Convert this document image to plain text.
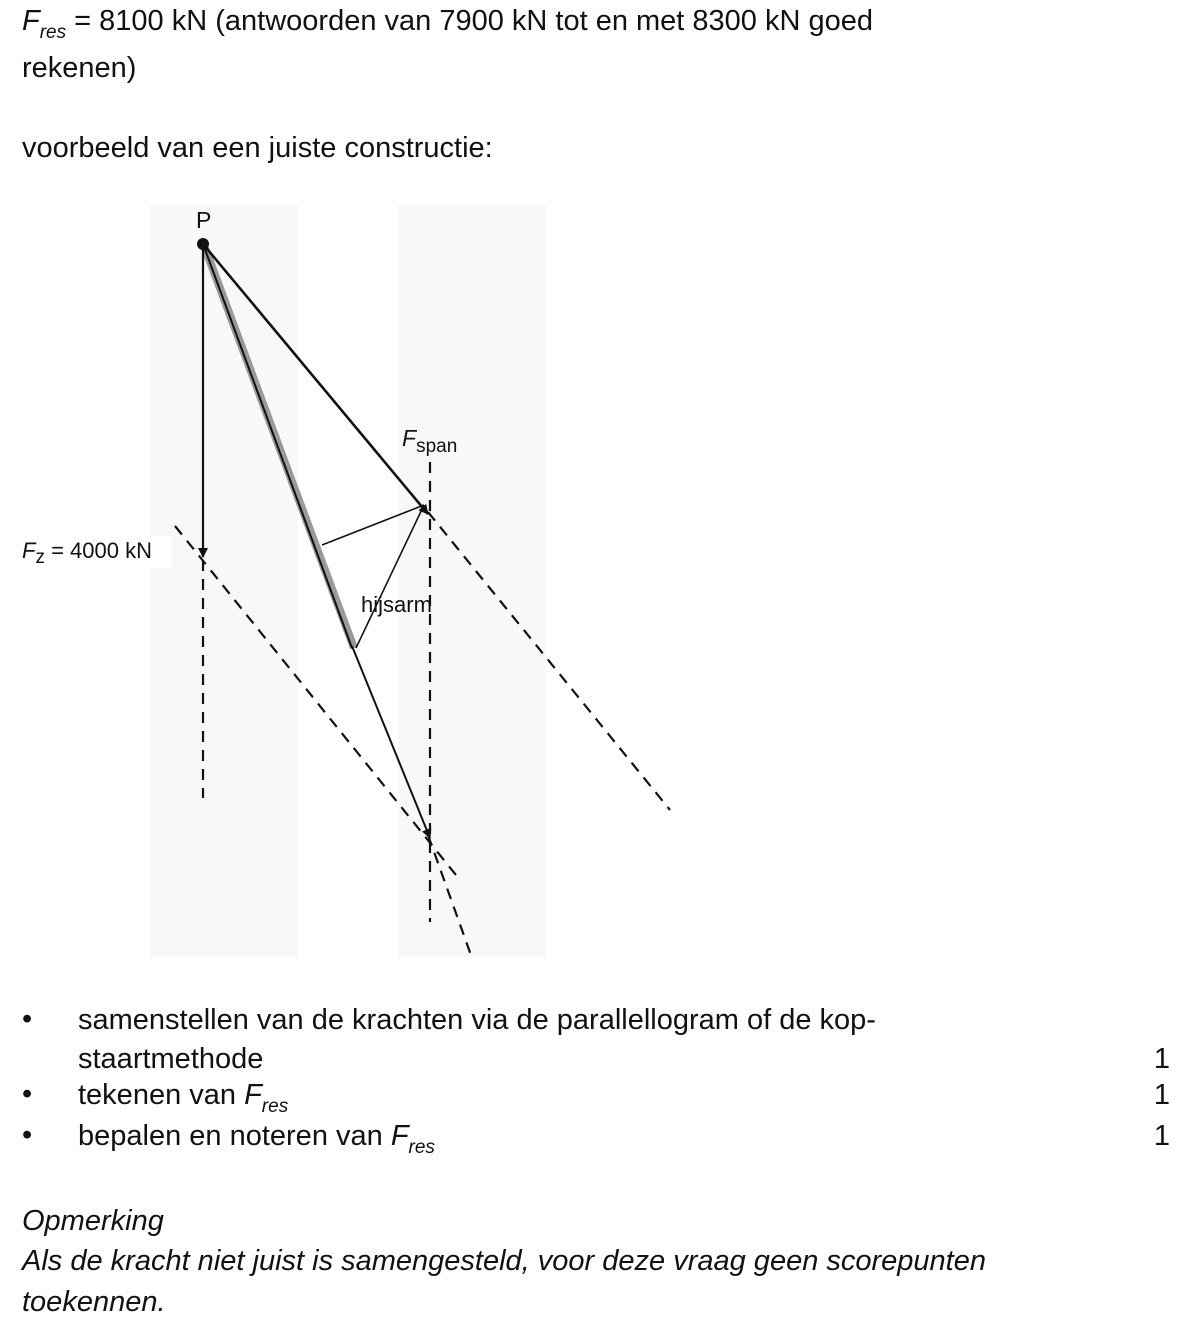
$F_{res} = 8100$ kN (antwoorden van 7900 kN tot en met 8300 kN goed
rekenen)
voorbeeld van een juiste constructie:
P
$F_{span}$
Fz = 4000 kN
hijsarm
•	samenstellen van de krachten via de parallellogram of de kop-
staartmethode	1
•	tekenen van $F_{res}$	1
•	bepalen en noteren van $F_{res}$	1
Opmerking
Als de kracht niet juist is samengesteld, voor deze vraag geen scorepunten
toekennen.
